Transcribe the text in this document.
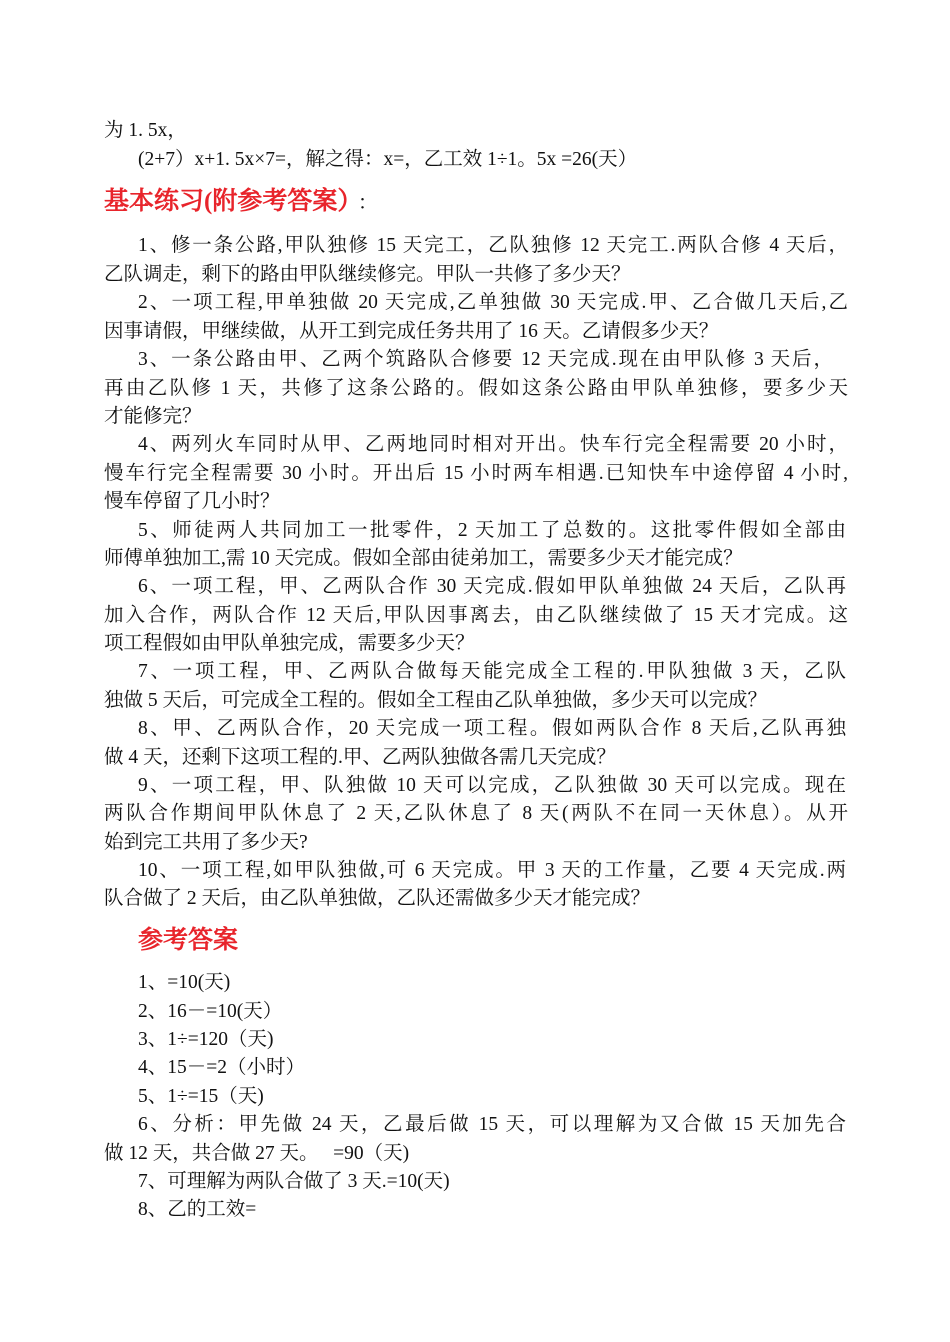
为 1. 5x，
(2+7）x+1. 5x×7=，解之得：x=，乙工效 1÷1。5x =26(天）
基本练习(附参考答案） ：
1、修一条公路,甲队独修 15 天完工，乙队独修 12 天完工.两队合修 4 天后，
乙队调走，剩下的路由甲队继续修完。甲队一共修了多少天？
2、一项工程,甲单独做 20 天完成,乙单独做 30 天完成.甲、乙合做几天后,乙
因事请假，甲继续做，从开工到完成任务共用了 16 天。乙请假多少天？
3、一条公路由甲、乙两个筑路队合修要 12 天完成.现在由甲队修 3 天后，
再由乙队修 1 天，共修了这条公路的。假如这条公路由甲队单独修，要多少天
才能修完？
4、两列火车同时从甲、乙两地同时相对开出。快车行完全程需要 20 小时，
慢车行完全程需要 30 小时。开出后 15 小时两车相遇.已知快车中途停留 4 小时,
慢车停留了几小时？
5、师徒两人共同加工一批零件，2 天加工了总数的。这批零件假如全部由
师傅单独加工,需 10 天完成。假如全部由徒弟加工，需要多少天才能完成？
6、一项工程，甲、乙两队合作 30 天完成.假如甲队单独做 24 天后，乙队再
加入合作，两队合作 12 天后,甲队因事离去，由乙队继续做了 15 天才完成。这
项工程假如由甲队单独完成，需要多少天？
7、一项工程，甲、乙两队合做每天能完成全工程的.甲队独做 3 天，乙队
独做 5 天后，可完成全工程的。假如全工程由乙队单独做，多少天可以完成？
8、甲、乙两队合作，20 天完成一项工程。假如两队合作 8 天后,乙队再独
做 4 天，还剩下这项工程的.甲、乙两队独做各需几天完成？
9、一项工程，甲、队独做 10 天可以完成，乙队独做 30 天可以完成。现在
两队合作期间甲队休息了 2 天,乙队休息了 8 天(两队不在同一天休息）。从开
始到完工共用了多少天?
10、一项工程,如甲队独做,可 6 天完成。甲 3 天的工作量，乙要 4 天完成.两
队合做了 2 天后，由乙队单独做，乙队还需做多少天才能完成？
参考答案
1、=10(天)
2、16－=10(天）
3、1÷=120（天)
4、15－=2（小时）
5、1÷=15（天)
6、分析：甲先做 24 天，乙最后做 15 天，可以理解为又合做 15 天加先合
做 12 天，共合做 27 天。   =90（天)
7、可理解为两队合做了 3 天.=10(天)
8、乙的工效=
